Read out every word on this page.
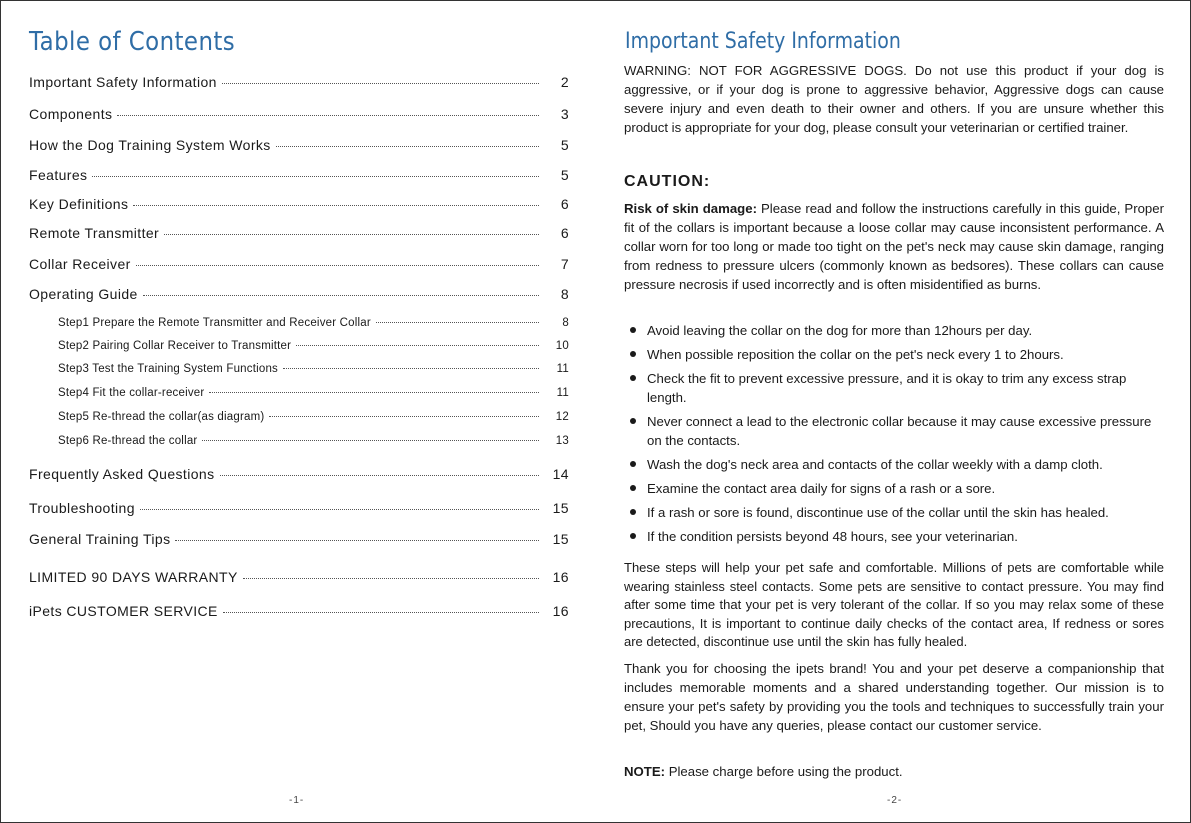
Table of Contents
Important Safety Information	2
Components	3
How the Dog Training System Works	5
Features	5
Key Definitions	6
Remote Transmitter	6
Collar Receiver	7
Operating Guide	8
Step1 Prepare the Remote Transmitter and Receiver Collar	8
Step2 Pairing Collar Receiver to Transmitter	10
Step3 Test the Training System Functions	11
Step4 Fit the collar-receiver	11
Step5 Re-thread the collar(as diagram)	12
Step6 Re-thread the collar	13
Frequently Asked Questions	14
Troubleshooting	15
General Training Tips	15
LIMITED 90 DAYS WARRANTY	16
iPets CUSTOMER SERVICE	16
-1-
Important Safety Information

WARNING: NOT FOR AGGRESSIVE DOGS. Do not use this product if your dog is aggressive, or if your dog is prone to aggressive behavior, Aggressive dogs can cause severe injury and even death to their owner and others. If you are unsure whether this product is appropriate for your dog, please consult your veterinarian or certified trainer.

CAUTION:

Risk of skin damage: Please read and follow the instructions carefully in this guide, Proper fit of the collars is important because a loose collar may cause inconsistent performance. A collar worn for too long or made too tight on the pet's neck may cause skin damage, ranging from redness to pressure ulcers (commonly known as bedsores). These collars can cause pressure necrosis if used incorrectly and is often misidentified as burns.

Avoid leaving the collar on the dog for more than 12hours per day.
When possible reposition the collar on the pet's neck every 1 to 2hours.
Check the fit to prevent excessive pressure, and it is okay to trim any excess strap length.
Never connect a lead to the electronic collar because it may cause excessive pressure on the contacts.
Wash the dog's neck area and contacts of the collar weekly with a damp cloth.
Examine the contact area daily for signs of a rash or a sore.
If a rash or sore is found, discontinue use of the collar until the skin has healed.
If the condition persists beyond 48 hours, see your veterinarian.

These steps will help your pet safe and comfortable. Millions of pets are comfortable while wearing stainless steel contacts. Some pets are sensitive to contact pressure. You may find after some time that your pet is very tolerant of the collar. If so you may relax some of these precautions, It is important to continue daily checks of the contact area, If redness or sores are detected, discontinue use until the skin has fully healed.

Thank you for choosing the ipets brand! You and your pet deserve a companionship that includes memorable moments and a shared understanding together. Our mission is to ensure your pet's safety by providing you the tools and techniques to successfully train your pet, Should you have any queries, please contact our customer service.

NOTE: Please charge before using the product.

-2-
